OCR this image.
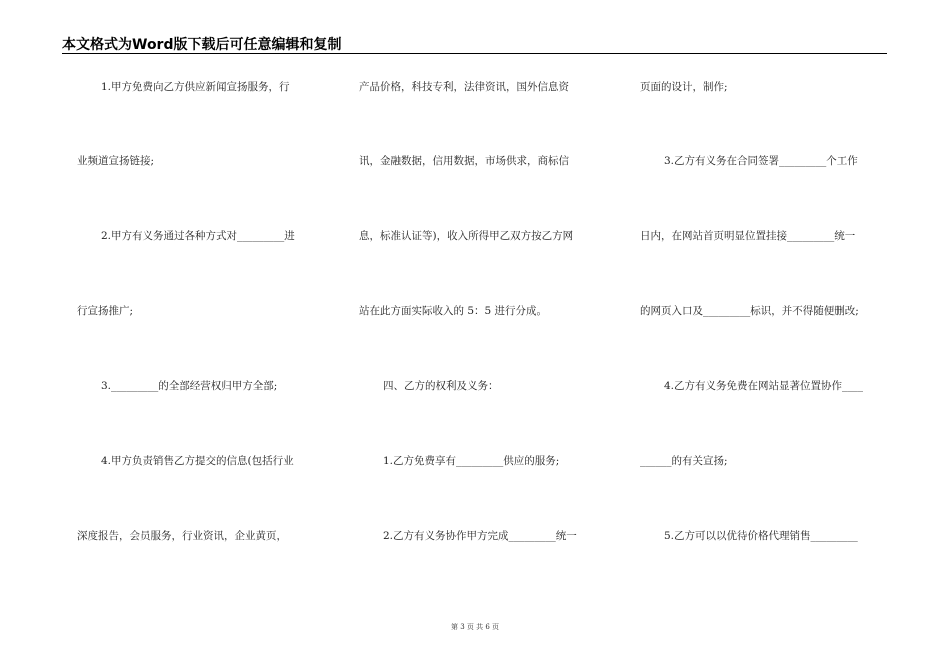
本文格式为Word版下载后可任意编辑和复制
1.甲方免费向乙方供应新闻宣扬服务，行
业频道宣扬链接;
2.甲方有义务通过各种方式对_________进
行宣扬推广;
3._________的全部经营权归甲方全部;
4.甲方负责销售乙方提交的信息(包括行业
深度报告，会员服务，行业资讯，企业黄页，
产品价格，科技专利，法律资讯，国外信息资
讯，金融数据，信用数据，市场供求，商标信
息，标准认证等)，收入所得甲乙双方按乙方网
站在此方面实际收入的 5：5 进行分成。
四、乙方的权利及义务：
1.乙方免费享有_________供应的服务;
2.乙方有义务协作甲方完成_________统一
页面的设计，制作;
3.乙方有义务在合同签署_________个工作
日内，在网站首页明显位置挂接_________统一
的网页入口及_________标识，并不得随便删改;
4.乙方有义务免费在网站显著位置协作____
______的有关宣扬;
5.乙方可以以优待价格代理销售_________
第 3 页 共 6 页
